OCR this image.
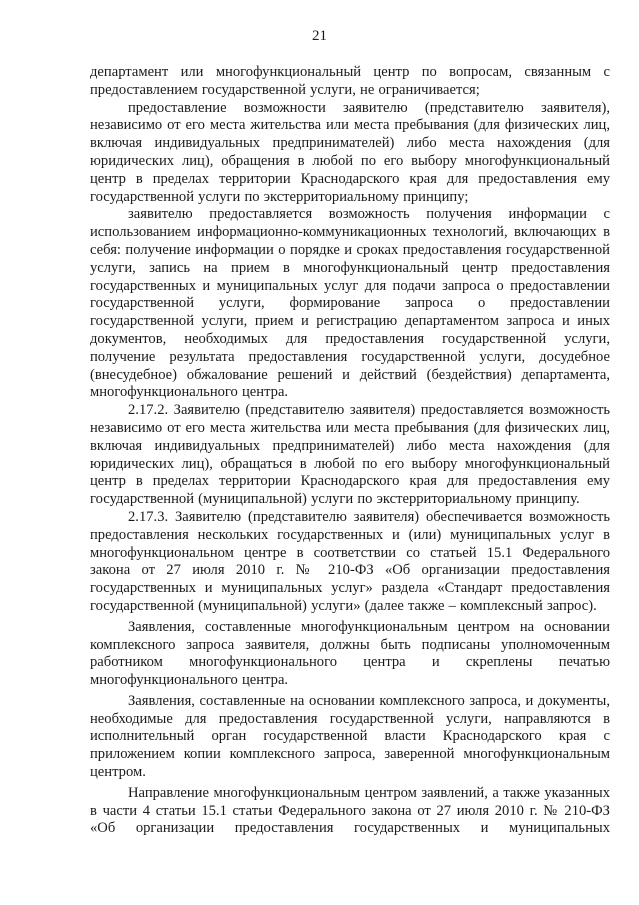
21

департамент или многофункциональный центр по вопросам, связанным с предоставлением государственной услуги, не ограничивается;

предоставление возможности заявителю (представителю заявителя), независимо от его места жительства или места пребывания (для физических лиц, включая индивидуальных предпринимателей) либо места нахождения (для юридических лиц), обращения в любой по его выбору многофункциональный центр в пределах территории Краснодарского края для предоставления ему государственной услуги по экстерриториальному принципу;

заявителю предоставляется возможность получения информации с использованием информационно-коммуникационных технологий, включающих в себя: получение информации о порядке и сроках предоставления государственной услуги, запись на прием в многофункциональный центр предоставления государственных и муниципальных услуг для подачи запроса о предоставлении государственной услуги, формирование запроса о предоставлении государственной услуги, прием и регистрацию департаментом запроса и иных документов, необходимых для предоставления государственной услуги, получение результата предоставления государственной услуги, досудебное (внесудебное) обжалование решений и действий (бездействия) департамента, многофункционального центра.

2.17.2. Заявителю (представителю заявителя) предоставляется возможность независимо от его места жительства или места пребывания (для физических лиц, включая индивидуальных предпринимателей) либо места нахождения (для юридических лиц), обращаться в любой по его выбору многофункциональный центр в пределах территории Краснодарского края для предоставления ему государственной (муниципальной) услуги по экстерриториальному принципу.

2.17.3. Заявителю (представителю заявителя) обеспечивается возможность предоставления нескольких государственных и (или) муниципальных услуг в многофункциональном центре в соответствии со статьей 15.1 Федерального закона от 27 июля 2010 г. № 210-ФЗ «Об организации предоставления государственных и муниципальных услуг» раздела «Стандарт предоставления государственной (муниципальной) услуги» (далее также – комплексный запрос).

Заявления, составленные многофункциональным центром на основании комплексного запроса заявителя, должны быть подписаны уполномоченным работником многофункционального центра и скреплены печатью многофункционального центра.

Заявления, составленные на основании комплексного запроса, и документы, необходимые для предоставления государственной услуги, направляются в исполнительный орган государственной власти Краснодарского края с приложением копии комплексного запроса, заверенной многофункциональным центром.

Направление многофункциональным центром заявлений, а также указанных в части 4 статьи 15.1 статьи Федерального закона от 27 июля 2010 г. № 210-ФЗ «Об организации предоставления государственных и муниципальных
